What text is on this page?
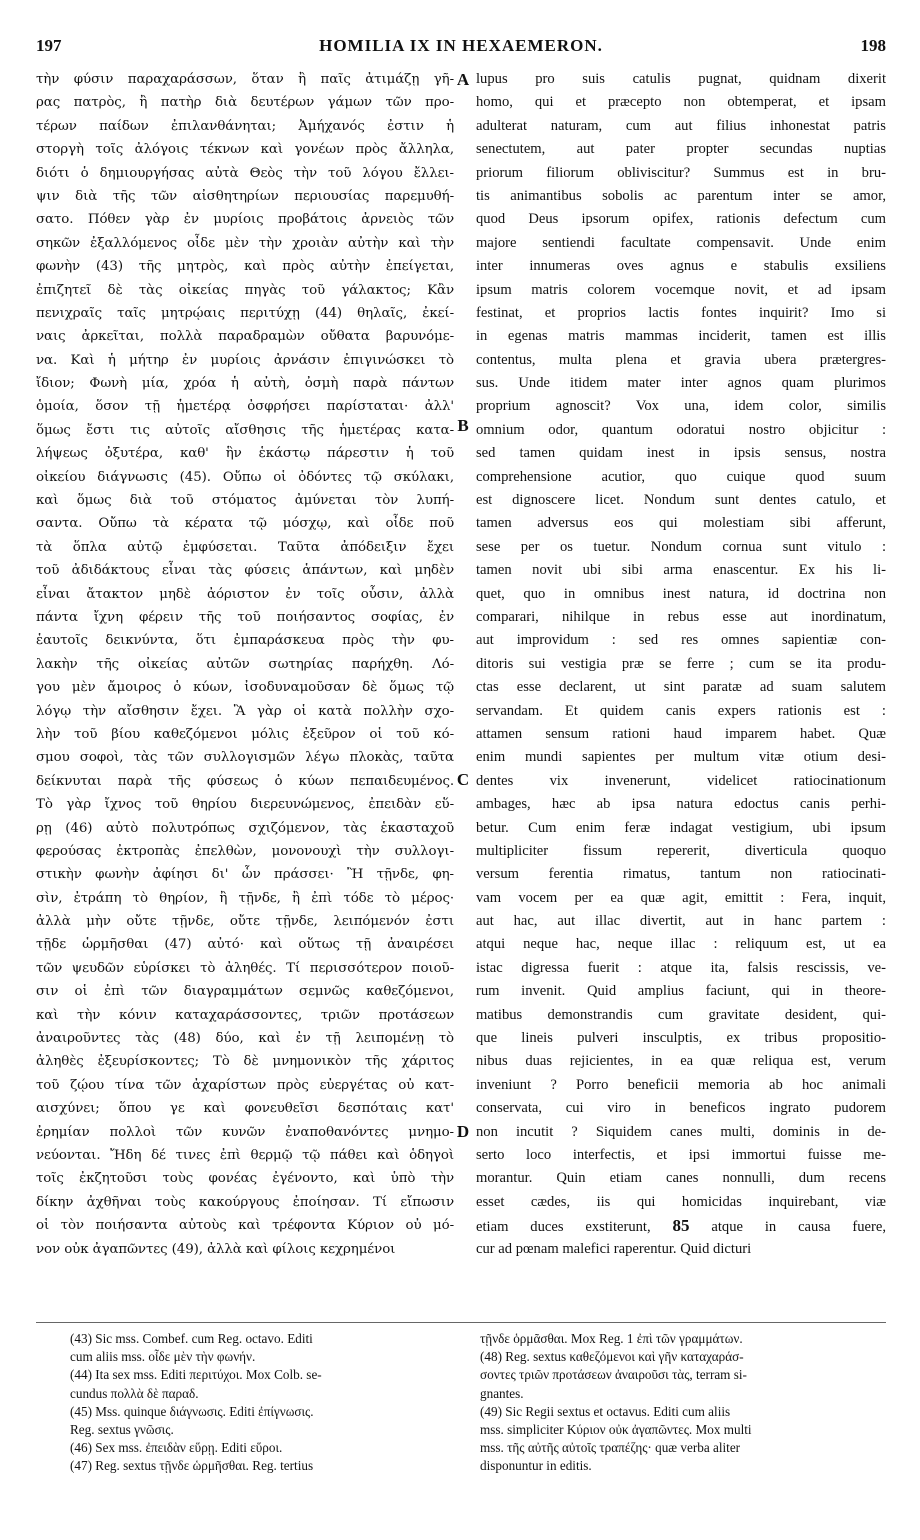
197	HOMILIA IX IN HEXAEMERON.	198
τὴν φύσιν παραχαράσσων, ὅταν ἢ παῖς ἀτιμάζῃ γῆ-
ρας πατρὸς, ἢ πατὴρ διὰ δευτέρων γάμων τῶν προ-
τέρων παίδων ἐπιλανθάνηται; Ἀμήχανός ἐστιν ἡ
στοργὴ τοῖς ἀλόγοις τέκνων καὶ γονέων πρὸς ἄλληλα,
διότι ὁ δημιουργήσας αὐτὰ Θεὸς τὴν τοῦ λόγου ἔλλει-
ψιν διὰ τῆς τῶν αἰσθητηρίων περιουσίας παρεμυθή-
σατο. Πόθεν γὰρ ἐν μυρίοις προβάτοις ἀρνειὸς τῶν
σηκῶν ἐξαλλόμενος οἶδε μὲν τὴν χροιὰν αὐτὴν καὶ τὴν
φωνὴν (43) τῆς μητρὸς, καὶ πρὸς αὐτὴν ἐπείγεται,
ἐπιζητεῖ δὲ τὰς οἰκείας πηγὰς τοῦ γάλακτος; Κἂν
πενιχραῖς ταῖς μητρῴαις περιτύχῃ (44) θηλαῖς, ἐκεί-
ναις ἀρκεῖται, πολλὰ παραδραμὼν οὔθατα βαρυνόμε-
να. Καὶ ἡ μήτηρ ἐν μυρίοις ἀρνάσιν ἐπιγινώσκει τὸ
ἴδιον; Φωνὴ μία, χρόα ἡ αὐτὴ, ὀσμὴ παρὰ πάντων
ὁμοία, ὅσον τῇ ἡμετέρᾳ ὀσφρήσει παρίσταται· ἀλλ'
ὅμως ἔστι τις αὐτοῖς αἴσθησις τῆς ἡμετέρας κατα-
λήψεως ὀξυτέρα, καθ' ἣν ἑκάστῳ πάρεστιν ἡ τοῦ
οἰκείου διάγνωσις (45). Οὔπω οἱ ὀδόντες τῷ σκύλακι,
καὶ ὅμως διὰ τοῦ στόματος ἀμύνεται τὸν λυπή-
σαντα. Οὔπω τὰ κέρατα τῷ μόσχῳ, καὶ οἶδε ποῦ
τὰ ὅπλα αὐτῷ ἐμφύσεται. Ταῦτα ἀπόδειξιν ἔχει
τοῦ ἀδιδάκτους εἶναι τὰς φύσεις ἁπάντων, καὶ μηδὲν
εἶναι ἄτακτον μηδὲ ἀόριστον ἐν τοῖς οὖσιν, ἀλλὰ
πάντα ἴχνη φέρειν τῆς τοῦ ποιήσαντος σοφίας, ἐν
ἑαυτοῖς δεικνύντα, ὅτι ἐμπαράσκευα πρὸς τὴν φυ-
λακὴν τῆς οἰκείας αὐτῶν σωτηρίας παρήχθη. Λό-
γου μὲν ἄμοιρος ὁ κύων, ἰσοδυναμοῦσαν δὲ ὅμως τῷ
λόγῳ τὴν αἴσθησιν ἔχει. Ἃ γὰρ οἱ κατὰ πολλὴν σχο-
λὴν τοῦ βίου καθεζόμενοι μόλις ἐξεῦρον οἱ τοῦ κό-
σμου σοφοὶ, τὰς τῶν συλλογισμῶν λέγω πλοκὰς, ταῦτα
δείκνυται παρὰ τῆς φύσεως ὁ κύων πεπαιδευμένος.
Τὸ γὰρ ἴχνος τοῦ θηρίου διερευνώμενος, ἐπειδὰν εὕ-
ρῃ (46) αὐτὸ πολυτρόπως σχιζόμενον, τὰς ἑκασταχοῦ
φερούσας ἐκτροπὰς ἐπελθὼν, μονονουχὶ τὴν συλλογι-
στικὴν φωνὴν ἀφίησι δι' ὧν πράσσει· Ἢ τῇνδε, φη-
σὶν, ἐτράπη τὸ θηρίον, ἢ τῇνδε, ἢ ἐπὶ τόδε τὸ μέρος·
ἀλλὰ μὴν οὔτε τῇνδε, οὔτε τῇνδε, λειπόμενόν ἐστι
τῇδε ὡρμῆσθαι (47) αὐτό· καὶ οὕτως τῇ ἀναιρέσει
τῶν ψευδῶν εὑρίσκει τὸ ἀληθές. Τί περισσότερον ποιοῦ-
σιν οἱ ἐπὶ τῶν διαγραμμάτων σεμνῶς καθεζόμενοι,
καὶ τὴν κόνιν καταχαράσσοντες, τριῶν προτάσεων
ἀναιροῦντες τὰς (48) δύο, καὶ ἐν τῇ λειπομένῃ τὸ
ἀληθὲς ἐξευρίσκοντες; Τὸ δὲ μνημονικὸν τῆς χάριτος
τοῦ ζῴου τίνα τῶν ἀχαρίστων πρὸς εὐεργέτας οὐ κατ-
αισχύνει; ὅπου γε καὶ φονευθεῖσι δεσπόταις κατ'
ἐρημίαν πολλοὶ τῶν κυνῶν ἐναποθανόντες μνημο-
νεύονται. Ἤδη δέ τινες ἐπὶ θερμῷ τῷ πάθει καὶ ὁδηγοὶ
τοῖς ἐκζητοῦσι τοὺς φονέας ἐγένοντο, καὶ ὑπὸ τὴν
δίκην ἀχθῆναι τοὺς κακούργους ἐποίησαν. Τί εἴπωσιν
οἱ τὸν ποιήσαντα αὐτοὺς καὶ τρέφοντα Κύριον οὐ μό-
νον οὐκ ἀγαπῶντες (49), ἀλλὰ καὶ φίλοις κεχρημένοι
lupus pro suis catulis pugnat, quidnam dixerit
homo, qui et præcepto non obtemperat, et ipsam
adulterat naturam, cum aut filius inhonestat patris
senectutem, aut pater propter secundas nuptias
priorum filiorum obliviscitur? Summus est in bru-
tis animantibus sobolis ac parentum inter se amor,
quod Deus ipsorum opifex, rationis defectum cum
majore sentiendi facultate compensavit. Unde enim
inter innumeras oves agnus e stabulis exsiliens
ipsum matris colorem vocemque novit, et ad ipsam
festinat, et proprios lactis fontes inquirit? Imo si
in egenas matris mammas inciderit, tamen est illis
contentus, multa plena et gravia ubera prætergres-
sus. Unde itidem mater inter agnos quam plurimos
proprium agnoscit? Vox una, idem color, similis
omnium odor, quantum odoratui nostro objicitur :
sed tamen quidam inest in ipsis sensus, nostra
comprehensione acutior, quo cuique quod suum
est dignoscere licet. Nondum sunt dentes catulo, et
tamen adversus eos qui molestiam sibi afferunt,
sese per os tuetur. Nondum cornua sunt vitulo :
tamen novit ubi sibi arma enascentur. Ex his li-
quet, quo in omnibus inest natura, id doctrina non
comparari, nihilque in rebus esse aut inordinatum,
aut improvidum : sed res omnes sapientiæ con-
ditoris sui vestigia præ se ferre ; cum se ita produ-
ctas esse declarent, ut sint paratæ ad suam salutem
servandam. Et quidem canis expers rationis est :
attamen sensum rationi haud imparem habet. Quæ
enim mundi sapientes per multum vitæ otium desi-
dentes vix invenerunt, videlicet ratiocinationum
ambages, hæc ab ipsa natura edoctus canis perhi-
betur. Cum enim feræ indagat vestigium, ubi ipsum
multipliciter fissum repererit, diverticula quoquo
versum ferentia rimatus, tantum non ratiocinati-
vam vocem per ea quæ agit, emittit : Fera, inquit,
aut hac, aut illac divertit, aut in hanc partem :
atqui neque hac, neque illac : reliquum est, ut ea
istac digressa fuerit : atque ita, falsis rescissis, ve-
rum invenit. Quid amplius faciunt, qui in theore-
matibus demonstrandis cum gravitate desident, qui-
que lineis pulveri insculptis, ex tribus propositio-
nibus duas rejicientes, in ea quæ reliqua est, verum
inveniunt ? Porro beneficii memoria ab hoc animali
conservata, cui viro in beneficos ingrato pudorem
non incutit ? Siquidem canes multi, dominis in de-
serto loco interfectis, et ipsi immortui fuisse me-
morantur. Quin etiam canes nonnulli, dum recens
esset cædes, iis qui homicidas inquirebant, viæ
etiam duces exstiterunt, 85 atque in causa fuere,
cur ad pœnam malefici raperentur. Quid dicturi
A
B
C
D
(43) Sic mss. Combef. cum Reg. octavo. Editi
cum aliis mss. οἶδε μὲν τὴν φωνήν.
(44) Ita sex mss. Editi περιτύχοι. Mox Colb. se-
cundus πολλὰ δὲ παραδ.
(45) Mss. quinque διάγνωσις. Editi ἐπίγνωσις.
Reg. sextus γνῶσις.
(46) Sex mss. ἐπειδὰν εὕρῃ. Editi εὕροι.
(47) Reg. sextus τῇνδε ὡρμῆσθαι. Reg. tertius
τῇνδε ὁρμᾶσθαι. Mox Reg. 1 ἐπὶ τῶν γραμμάτων.
(48) Reg. sextus καθεζόμενοι καὶ γῆν καταχαράσ-
σοντες τριῶν προτάσεων ἀναιροῦσι τὰς, terram si-
gnantes.
(49) Sic Regii sextus et octavus. Editi cum aliis
mss. simpliciter Κύριον οὐκ ἀγαπῶντες. Mox multi
mss. τῆς αὐτῆς αὐτοῖς τραπέζης· quæ verba aliter
disponuntur in editis.
